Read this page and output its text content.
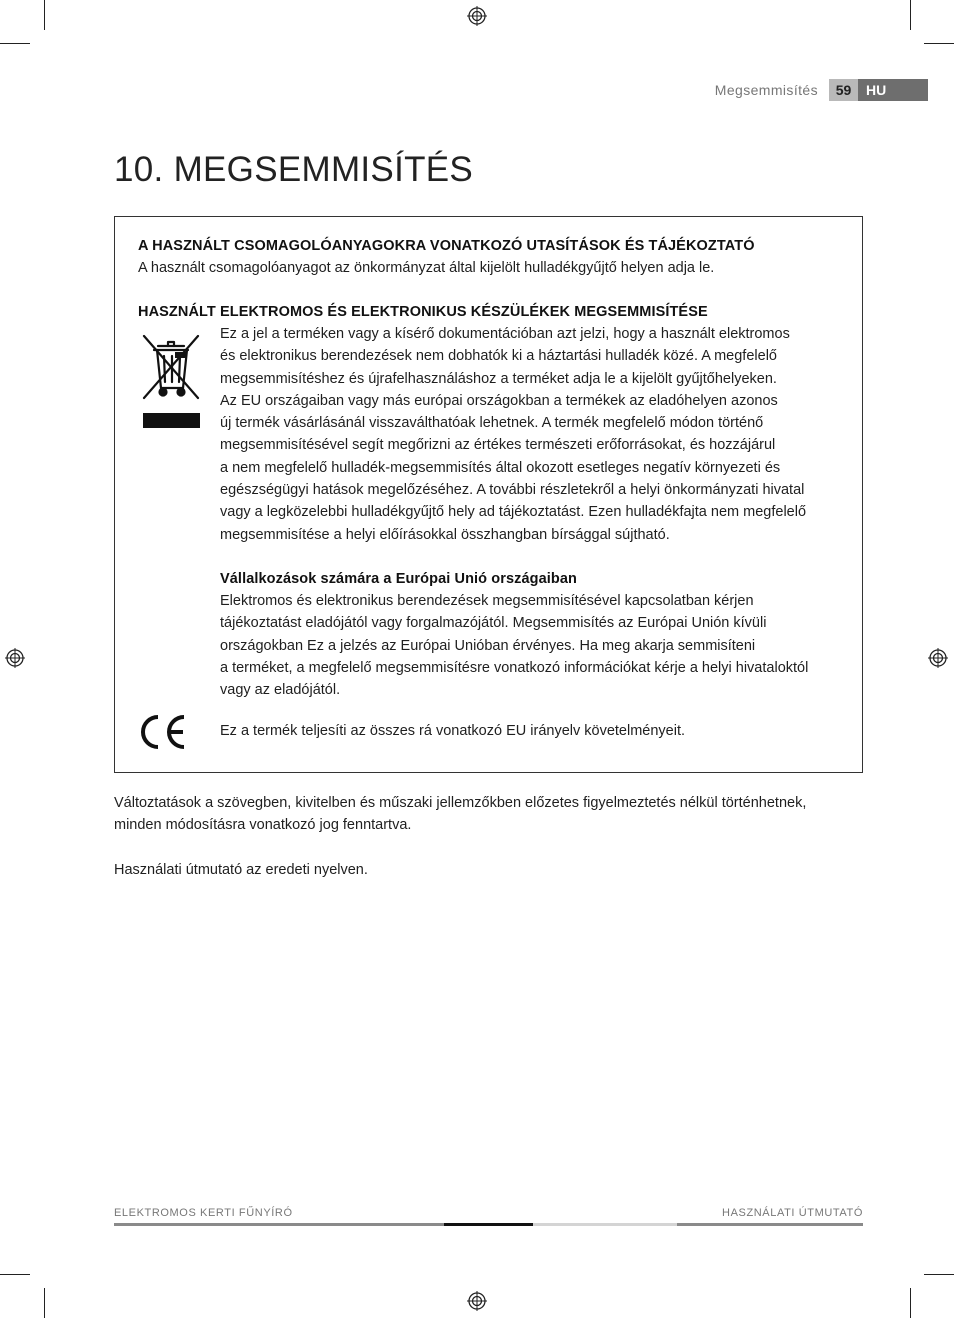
Megsemmisítés	59	HU
10. MEGSEMMISÍTÉS
A HASZNÁLT CSOMAGOLÓANYAGOKRA VONATKOZÓ UTASÍTÁSOK ÉS TÁJÉKOZTATÓ
A használt csomagolóanyagot az önkormányzat által kijelölt hulladékgyűjtő helyen adja le.
HASZNÁLT ELEKTROMOS ÉS ELEKTRONIKUS KÉSZÜLÉKEK MEGSEMMISÍTÉSE
Ez a jel a terméken vagy a kísérő dokumentációban azt jelzi, hogy a használt elektromos
és elektronikus berendezések nem dobhatók ki a háztartási hulladék közé. A megfelelő
megsemmisítéshez és újrafelhasználáshoz a terméket adja le a kijelölt gyűjtőhelyeken.
Az EU országaiban vagy más európai országokban a termékek az eladóhelyen azonos
új termék vásárlásánál visszaválthatóak lehetnek. A termék megfelelő módon történő
megsemmisítésével segít megőrizni az értékes természeti erőforrásokat, és hozzájárul
a nem megfelelő hulladék-megsemmisítés által okozott esetleges negatív környezeti és
egészségügyi hatások megelőzéséhez. A további részletekről a helyi önkormányzati hivatal
vagy a legközelebbi hulladékgyűjtő hely ad tájékoztatást. Ezen hulladékfajta nem megfelelő
megsemmisítése a helyi előírásokkal összhangban bírsággal sújtható.
Vállalkozások számára a Európai Unió országaiban
Elektromos és elektronikus berendezések megsemmisítésével kapcsolatban kérjen
tájékoztatást eladójától vagy forgalmazójától. Megsemmisítés az Európai Unión kívüli
országokban Ez a jelzés az Európai Unióban érvényes. Ha meg akarja semmisíteni
a terméket, a megfelelő megsemmisítésre vonatkozó információkat kérje a helyi hivataloktól
vagy az eladójától.
Ez a termék teljesíti az összes rá vonatkozó EU irányelv követelményeit.
Változtatások a szövegben, kivitelben és műszaki jellemzőkben előzetes figyelmeztetés nélkül történhetnek,
minden módosításra vonatkozó jog fenntartva.
Használati útmutató az eredeti nyelven.
ELEKTROMOS KERTI FŰNYÍRÓ	HASZNÁLATI ÚTMUTATÓ
